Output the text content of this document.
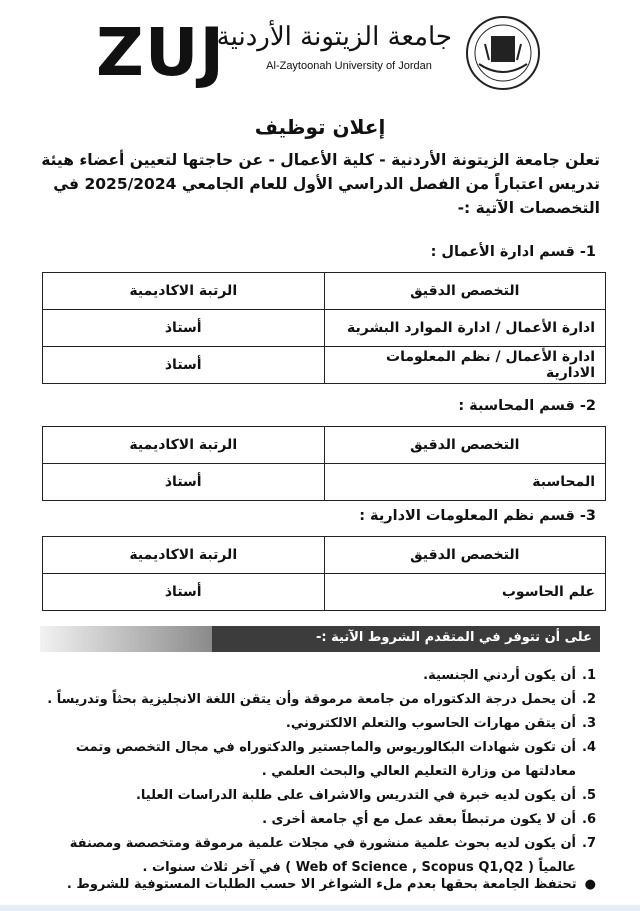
ZUJ
جامعة الزيتونة الأردنية
Al-Zaytoonah University of Jordan
إعلان توظيف
تعلن جامعة الزيتونة الأردنية - كلية الأعمال - عن حاجتها لتعيين أعضاء هيئة تدريس اعتباراً من الفصل الدراسي الأول للعام الجامعي 2025/2024 في التخصصات الآتية :-
1- قسم ادارة الأعمال :
التخصص الدقيق	الرتبة الاكاديمية
ادارة الأعمال / ادارة الموارد البشرية	أستاذ
ادارة الأعمال / نظم المعلومات الادارية	أستاذ
2- قسم المحاسبة :
التخصص الدقيق	الرتبة الاكاديمية
المحاسبة	أستاذ
3- قسم نظم المعلومات الادارية :
التخصص الدقيق	الرتبة الاكاديمية
علم الحاسوب	أستاذ
على أن تتوفر في المتقدم الشروط الآتية :-
1.
أن يكون أردني الجنسية.
2.
أن يحمل درجة الدكتوراه من جامعة مرموقة وأن يتقن اللغة الانجليزية بحثاً وتدريساً .
3.
أن يتقن مهارات الحاسوب والتعلم الالكتروني.
4.
أن تكون شهادات البكالوريوس والماجستير والدكتوراه في مجال التخصص وتمت معادلتها من وزارة التعليم العالي والبحث العلمي .
5.
أن يكون لديه خبرة في التدريس والاشراف على طلبة الدراسات العليا.
6.
أن لا يكون مرتبطاً بعقد عمل مع أي جامعة أخرى .
7.
أن يكون لديه بحوث علمية منشورة في مجلات علمية مرموقة ومتخصصة ومصنفة عالمياً ( Web of Science , Scopus Q1,Q2 ) في آخر ثلاث سنوات .
●تحتفظ الجامعة بحقها بعدم ملء الشواغر الا حسب الطلبات المستوفية للشروط .
